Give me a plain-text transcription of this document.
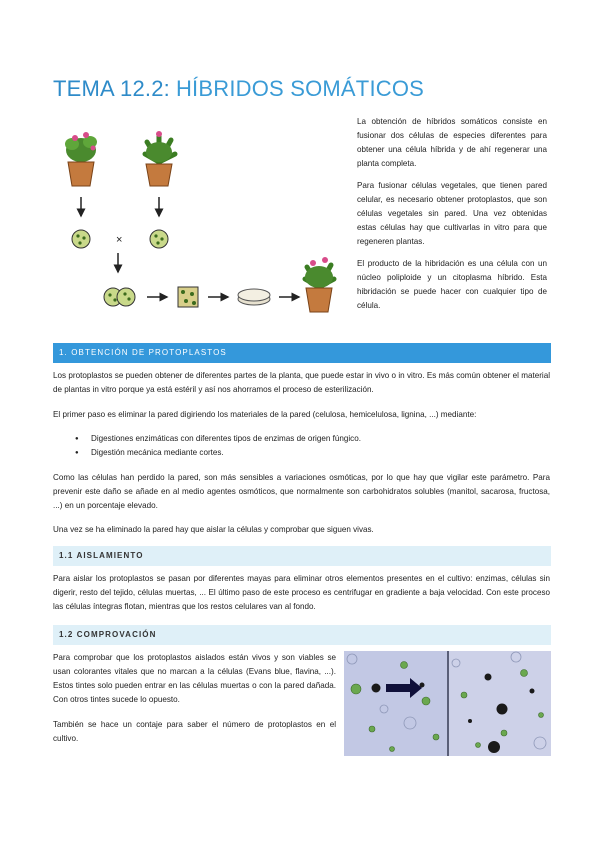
TEMA 12.2: HÍBRIDOS SOMÁTICOS
×

La obtención de híbridos somáticos consiste en fusionar dos células de especies diferentes para obtener una célula híbrida y de ahí regenerar una planta completa.

Para fusionar células vegetales, que tienen pared celular, es necesario obtener protoplastos, que son células vegetales sin pared. Una vez obtenidas estas células hay que cultivarlas in vitro para que regeneren plantas.

El producto de la hibridación es una célula con un núcleo poliploide y un citoplasma híbrido. Esta hibridación se puede hacer con cualquier tipo de célula.

1. OBTENCIÓN DE PROTOPLASTOS

Los protoplastos se pueden obtener de diferentes partes de la planta, que puede estar in vivo o in vitro. Es más común obtener el material de plantas in vitro porque ya está estéril y así nos ahorramos el proceso de esterilización.

El primer paso es eliminar la pared digiriendo los materiales de la pared (celulosa, hemicelulosa, lignina, ...) mediante:

● Digestiones enzimáticas con diferentes tipos de enzimas de origen fúngico.
● Digestión mecánica mediante cortes.

Como las células han perdido la pared, son más sensibles a variaciones osmóticas, por lo que hay que vigilar este parámetro. Para prevenir este daño se añade en al medio agentes osmóticos, que normalmente son carbohidratos solubles (manitol, sacarosa, fructosa, ...) en un porcentaje elevado.

Una vez se ha eliminado la pared hay que aislar la células y comprobar que siguen vivas.

1.1 AISLAMIENTO

Para aislar los protoplastos se pasan por diferentes mayas para eliminar otros elementos presentes en el cultivo: enzimas, células sin digerir, resto del tejido, células muertas, ... El último paso de este proceso es centrifugar en gradiente a baja velocidad. Con este proceso las células íntegras flotan, mientras que los restos celulares van al fondo.

1.2 COMPROVACIÓN

Para comprobar que los protoplastos aislados están vivos y son viables se usan colorantes vitales que no marcan a la células (Evans blue, flavina, ...). Estos tintes solo pueden entrar en las células muertas o con la pared dañada. Con otros tintes sucede lo opuesto.

También se hace un contaje para saber el número de protoplastos en el cultivo.
